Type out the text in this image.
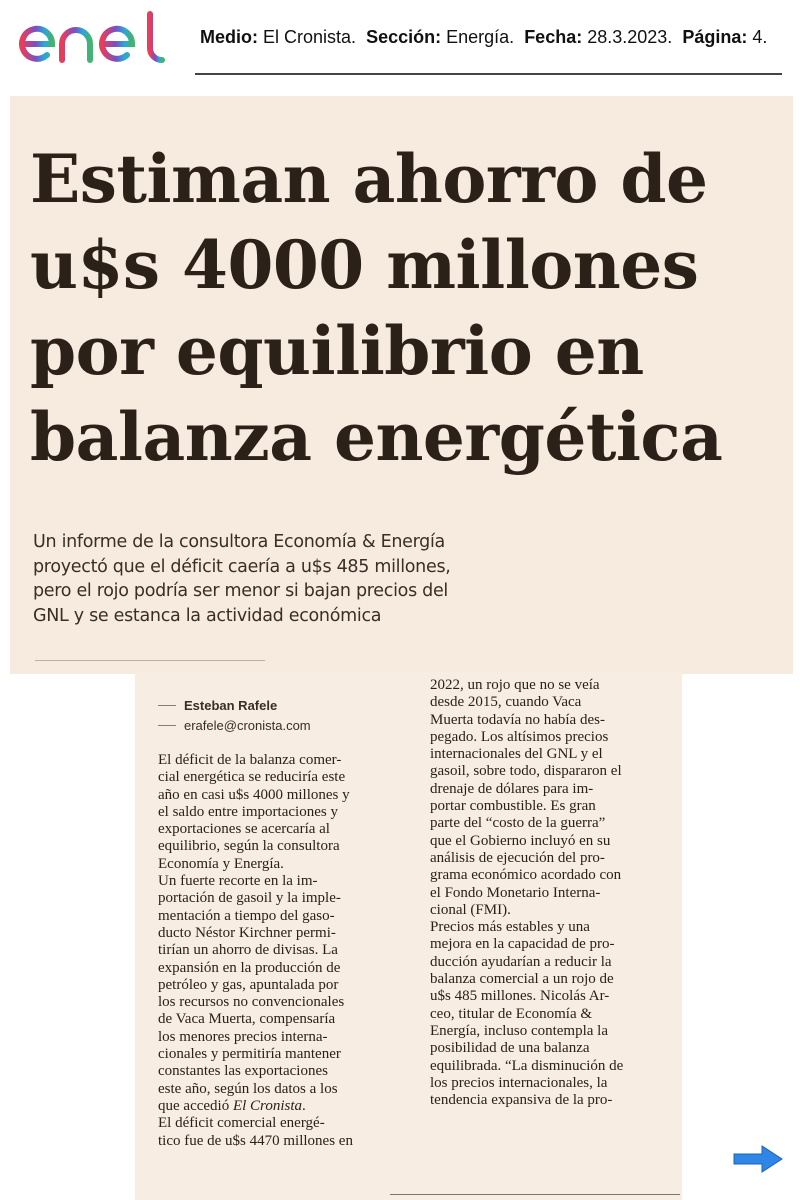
Medio: El Cronista. Sección: Energía. Fecha: 28.3.2023. Página: 4.
Estiman ahorro de
u$s 4000 millones
por equilibrio en
balanza energética
Un informe de la consultora Economía & Energía
proyectó que el déficit caería a u$s 485 millones,
pero el rojo podría ser menor si bajan precios del
GNL y se estanca la actividad económica
Esteban Rafele
erafele@cronista.com
El déficit de la balanza comer-
cial energética se reduciría este
año en casi u$s 4000 millones y
el saldo entre importaciones y
exportaciones se acercaría al
equilibrio, según la consultora
Economía y Energía.
Un fuerte recorte en la im-
portación de gasoil y la imple-
mentación a tiempo del gaso-
ducto Néstor Kirchner permi-
tirían un ahorro de divisas. La
expansión en la producción de
petróleo y gas, apuntalada por
los recursos no convencionales
de Vaca Muerta, compensaría
los menores precios interna-
cionales y permitiría mantener
constantes las exportaciones
este año, según los datos a los
que accedió El Cronista.
El déficit comercial energé-
tico fue de u$s 4470 millones en
2022, un rojo que no se veía
desde 2015, cuando Vaca
Muerta todavía no había des-
pegado. Los altísimos precios
internacionales del GNL y el
gasoil, sobre todo, dispararon el
drenaje de dólares para im-
portar combustible. Es gran
parte del “costo de la guerra”
que el Gobierno incluyó en su
análisis de ejecución del pro-
grama económico acordado con
el Fondo Monetario Interna-
cional (FMI).
Precios más estables y una
mejora en la capacidad de pro-
ducción ayudarían a reducir la
balanza comercial a un rojo de
u$s 485 millones. Nicolás Ar-
ceo, titular de Economía &
Energía, incluso contempla la
posibilidad de una balanza
equilibrada. “La disminución de
los precios internacionales, la
tendencia expansiva de la pro-
